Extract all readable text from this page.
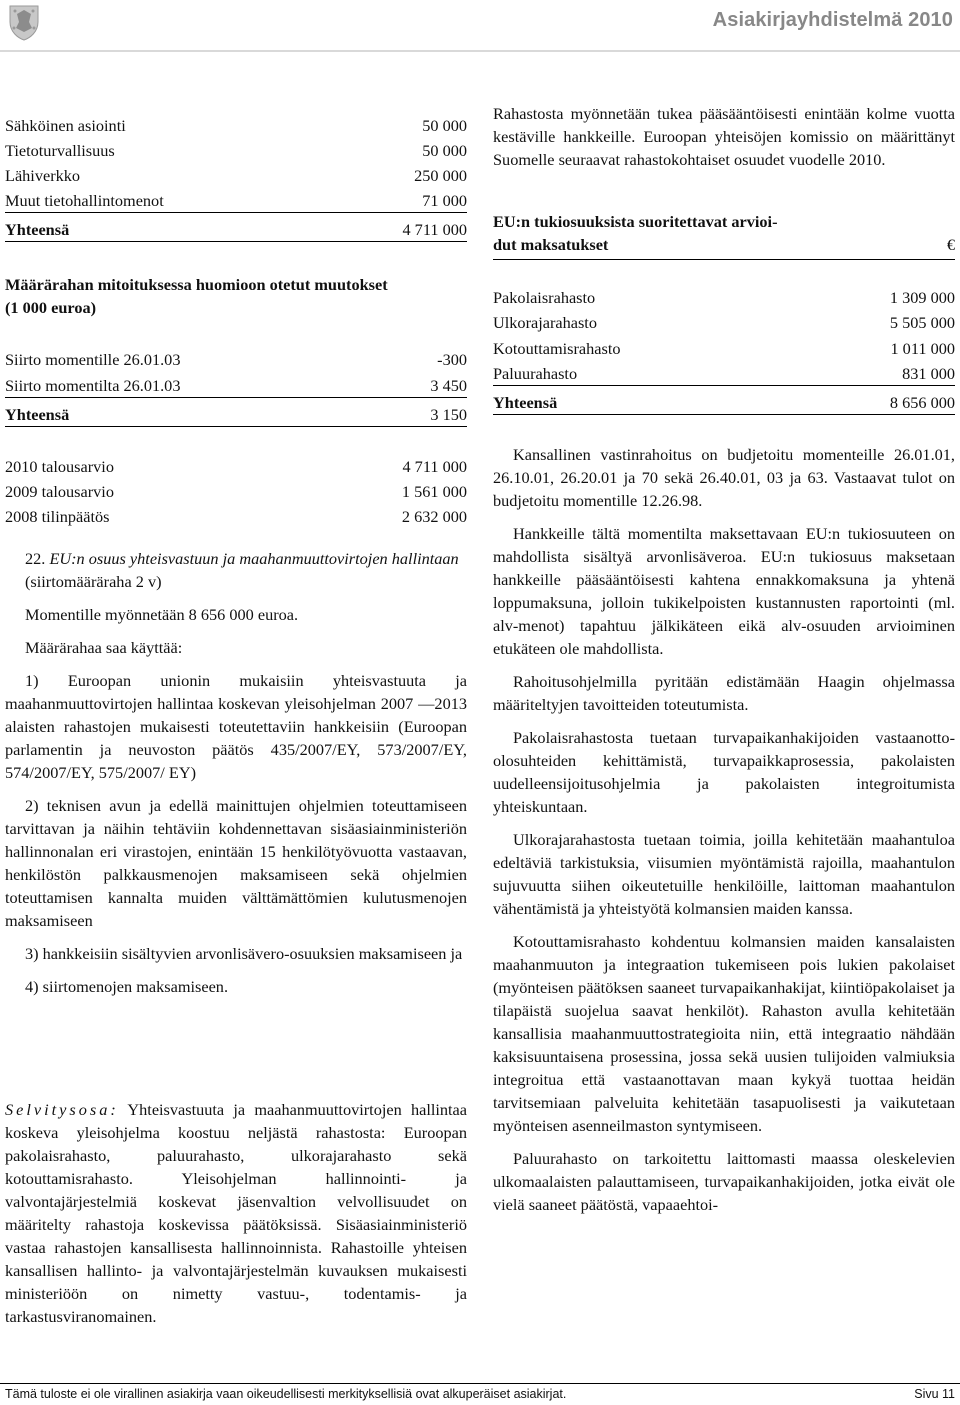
Asiakirjayhdistelmä 2010
Sähköinen asiointi	50 000
Tietoturvallisuus	50 000
Lähiverkko	250 000
Muut tietohallintomenot	71 000
Yhteensä	4 711 000
Määrärahan mitoituksessa huomioon otetut muutokset
(1 000 euroa)
Siirto momentille 26.01.03	-300
Siirto momentilta 26.01.03	3 450
Yhteensä	3 150
2010 talousarvio	4 711 000
2009 talousarvio	1 561 000
2008 tilinpäätös	2 632 000
22. EU:n osuus yhteisvastuun ja maahanmuuttovirtojen hallintaan (siirtomääräraha 2 v)
Momentille myönnetään 8 656 000 euroa.
Määrärahaa saa käyttää:

1) Euroopan unionin mukaisiin yhteisvastuuta ja maahanmuuttovirtojen hallintaa koskevan yleisohjelman 2007 —2013 alaisten rahastojen mukaisesti toteutettaviin hankkeisiin (Euroopan parlamentin ja neuvoston päätös 435/2007/EY, 573/2007/EY, 574/2007/EY, 575/2007/ EY)

2) teknisen avun ja edellä mainittujen ohjelmien toteuttamiseen tarvittavan ja näihin tehtäviin kohdennettavan sisäasiainministeriön hallinnonalan eri virastojen, enintään 15 henkilötyövuotta vastaavan, henkilöstön palkkausmenojen maksamiseen sekä ohjelmien toteuttamisen kannalta muiden välttämättömien kulutusmenojen maksamiseen

3) hankkeisiin sisältyvien arvonlisävero-osuuksien maksamiseen ja

4) siirtomenojen maksamiseen.

Selvitysosa: Yhteisvastuuta ja maahanmuuttovirtojen hallintaa koskeva yleisohjelma koostuu neljästä rahastosta: Euroopan pakolaisrahasto, paluurahasto, ulkorajarahasto sekä kotouttamisrahasto. Yleisohjelman hallinnointi- ja valvontajärjestelmiä koskevat jäsenvaltion velvollisuudet on määritelty rahastoja koskevissa päätöksissä. Sisäasiainministeriö vastaa rahastojen kansallisesta hallinnoinnista. Rahastoille yhteisen kansallisen hallinto- ja valvontajärjestelmän kuvauksen mukaisesti ministeriöön on nimetty vastuu-, todentamis- ja tarkastusviranomainen.

Rahastosta myönnetään tukea pääsääntöisesti enintään kolme vuotta kestäville hankkeille. Euroopan yhteisöjen komissio on määrittänyt Suomelle seuraavat rahastokohtaiset osuudet vuodelle 2010.

EU:n tukiosuuksista suoritettavat arvioi-
dut maksatukset	€
Pakolaisrahasto	1 309 000
Ulkorajarahasto	5 505 000
Kotouttamisrahasto	1 011 000
Paluurahasto	831 000
Yhteensä	8 656 000

Kansallinen vastinrahoitus on budjetoitu momenteille 26.01.01, 26.10.01, 26.20.01 ja 70 sekä 26.40.01, 03 ja 63. Vastaavat tulot on budjetoitu momentille 12.26.98.

Hankkeille tältä momentilta maksettavaan EU:n tukiosuuteen on mahdollista sisältyä arvonlisäveroa. EU:n tukiosuus maksetaan hankkeille pääsääntöisesti kahtena ennakkomaksuna ja yhtenä loppumaksuna, jolloin tukikelpoisten kustannusten raportointi (ml. alv-menot) tapahtuu jälkikäteen eikä alv-osuuden arvioiminen etukäteen ole mahdollista.

Rahoitusohjelmilla pyritään edistämään Haagin ohjelmassa määriteltyjen tavoitteiden toteutumista.

Pakolaisrahastosta tuetaan turvapaikanhakijoiden vastaanotto-olosuhteiden kehittämistä, turvapaikkaprosessia, pakolaisten uudelleensijoitusohjelmia ja pakolaisten integroitumista yhteiskuntaan.

Ulkorajarahastosta tuetaan toimia, joilla kehitetään maahantuloa edeltäviä tarkistuksia, viisumien myöntämistä rajoilla, maahantulon sujuvuutta siihen oikeutetuille henkilöille, laittoman maahantulon vähentämistä ja yhteistyötä kolmansien maiden kanssa.

Kotouttamisrahasto kohdentuu kolmansien maiden kansalaisten maahanmuuton ja integraation tukemiseen pois lukien pakolaiset (myönteisen päätöksen saaneet turvapaikanhakijat, kiintiöpakolaiset ja tilapäistä suojelua saavat henkilöt). Rahaston avulla kehitetään kansallisia maahanmuuttostrategioita niin, että integraatio nähdään kaksisuuntaisena prosessina, jossa sekä uusien tulijoiden valmiuksia integroitua että vastaanottavan maan kykyä tuottaa heidän tarvitsemiaan palveluita kehitetään tasapuolisesti ja vaikutetaan myönteisen asenneilmaston syntymiseen.

Paluurahasto on tarkoitettu laittomasti maassa oleskelevien ulkomaalaisten palauttamiseen, turvapaikanhakijoiden, jotka eivät ole vielä saaneet päätöstä, vapaaehtoi-

Tämä tuloste ei ole virallinen asiakirja vaan oikeudellisesti merkityksellisiä ovat alkuperäiset asiakirjat.	Sivu 11
